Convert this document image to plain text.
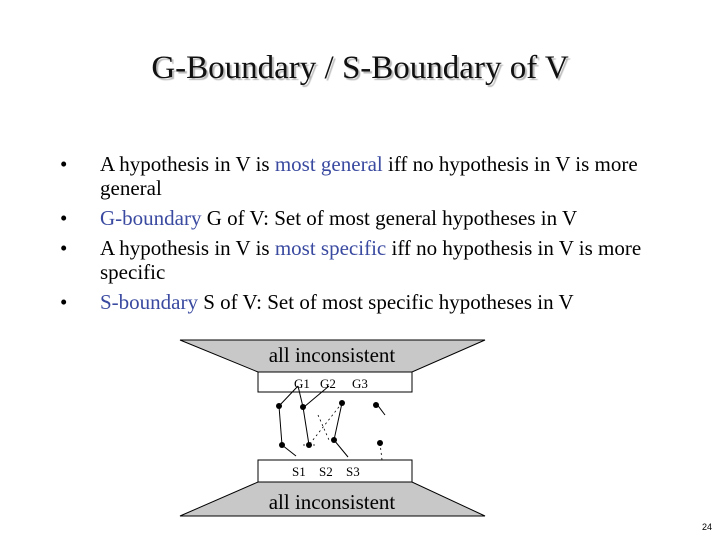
G-Boundary / S-Boundary of V
• A hypothesis in V is most general iff no hypothesis in V is more general
• G-boundary G of V: Set of most general hypotheses in V
• A hypothesis in V is most specific iff no hypothesis in V is more specific
• S-boundary S of V: Set of most specific hypotheses in V
all inconsistent
G1 G2 G3
S1 S2 S3
all inconsistent
24
